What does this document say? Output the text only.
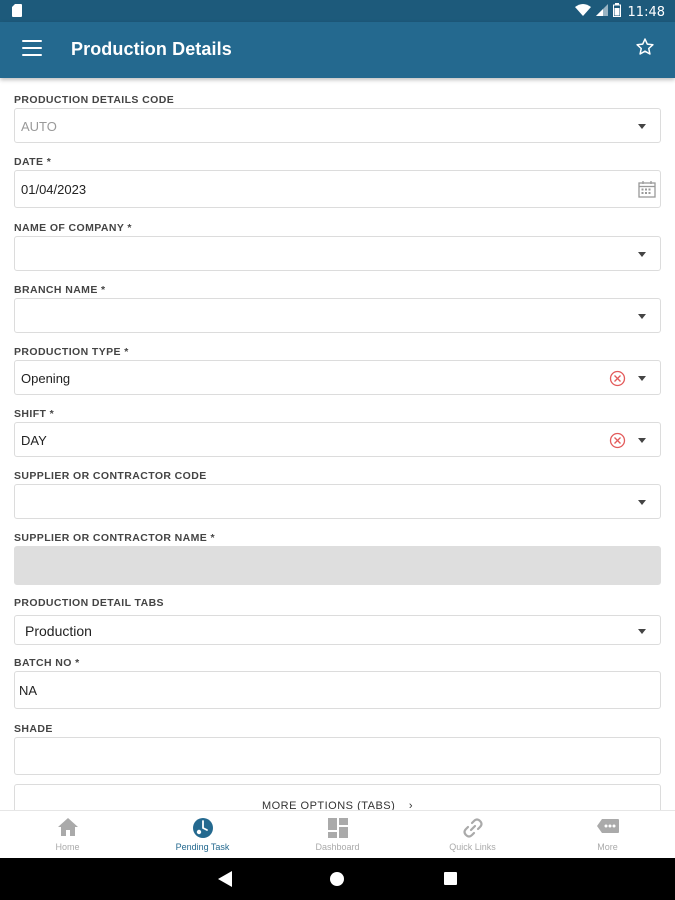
11:48
Production Details
PRODUCTION DETAILS CODE
AUTO
DATE *
01/04/2023
NAME OF COMPANY *
BRANCH NAME *
PRODUCTION TYPE *
Opening
SHIFT *
DAY
SUPPLIER OR CONTRACTOR CODE
SUPPLIER OR CONTRACTOR NAME *
PRODUCTION DETAIL TABS
Production
BATCH NO *
NA
SHADE
MORE OPTIONS (TABS) ›
Home	Pending Task	Dashboard	Quick Links	More
